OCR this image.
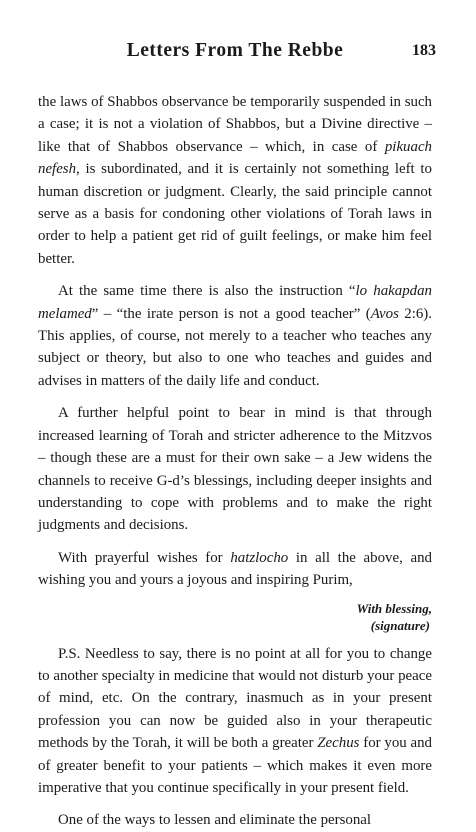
Letters From The Rebbe	183

the laws of Shabbos observance be temporarily suspended in such a case; it is not a violation of Shabbos, but a Divine directive – like that of Shabbos observance – which, in case of pikuach nefesh, is subordinated, and it is certainly not something left to human discretion or judgment. Clearly, the said principle cannot serve as a basis for condoning other violations of Torah laws in order to help a patient get rid of guilt feelings, or make him feel better.

At the same time there is also the instruction “lo hakapdan melamed” – “the irate person is not a good teacher” (Avos 2:6). This applies, of course, not merely to a teacher who teaches any subject or theory, but also to one who teaches and guides and advises in matters of the daily life and conduct.

A further helpful point to bear in mind is that through increased learning of Torah and stricter adherence to the Mitzvos – though these are a must for their own sake – a Jew widens the channels to receive G-d’s blessings, including deeper insights and understanding to cope with problems and to make the right judgments and decisions.

With prayerful wishes for hatzlocho in all the above, and wishing you and yours a joyous and inspiring Purim,

With blessing,
(signature)

P.S. Needless to say, there is no point at all for you to change to another specialty in medicine that would not disturb your peace of mind, etc. On the contrary, inasmuch as in your present profession you can now be guided also in your therapeutic methods by the Torah, it will be both a greater Zechus for you and of greater benefit to your patients – which makes it even more imperative that you continue specifically in your present field.

One of the ways to lessen and eliminate the personal
